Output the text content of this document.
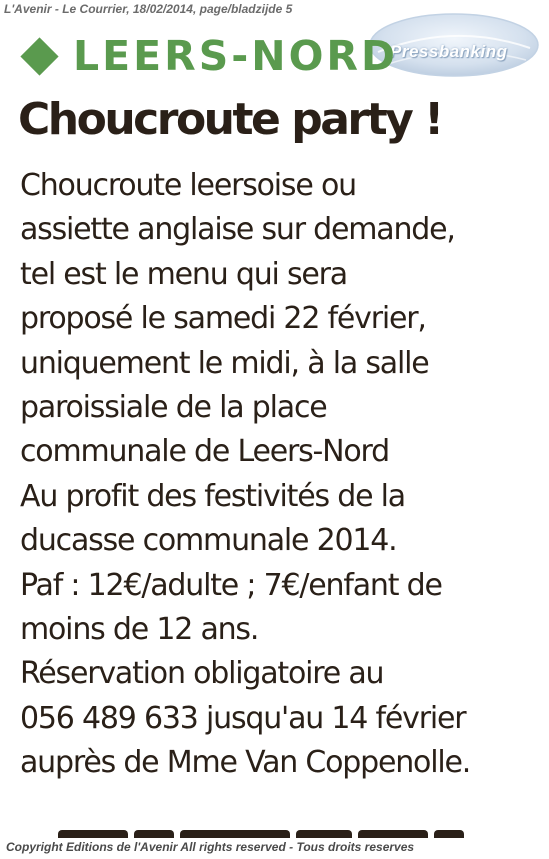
L'Avenir - Le Courrier, 18/02/2014, page/bladzijde 5
Pressbanking
LEERS-NORD
Choucroute party !
Choucroute leersoise ou
assiette anglaise sur demande,
tel est le menu qui sera
proposé le samedi 22 février,
uniquement le midi, à la salle
paroissiale de la place
communale de Leers-Nord
Au profit des festivités de la
ducasse communale 2014.
Paf : 12€/adulte ; 7€/enfant de
moins de 12 ans.
Réservation obligatoire au
056 489 633 jusqu'au 14 février
auprès de Mme Van Coppenolle.
Copyright Editions de l'Avenir All rights reserved - Tous droits reserves
